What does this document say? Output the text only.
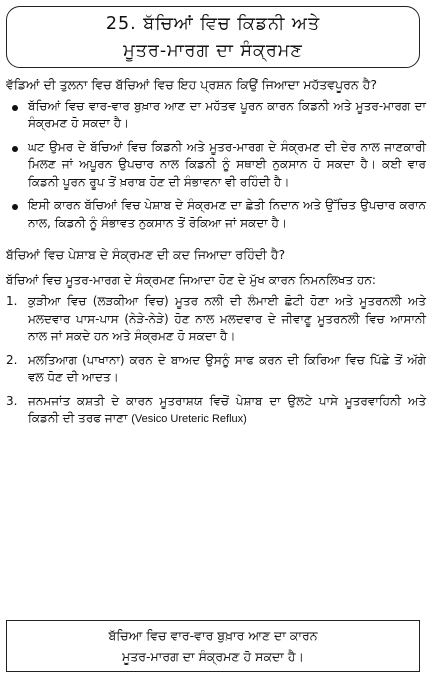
25. ਬੱਚਿਆਂ ਵਿਚ ਕਿਡਨੀ ਅਤੇ
ਮੂਤਰ-ਮਾਰਗ ਦਾ ਸੰਕ੍ਰਮਣ

ਵੱਡਿਆਂ ਦੀ ਤੁਲਨਾ ਵਿਚ ਬੱਚਿਆਂ ਵਿਚ ਇਹ ਪ੍ਰਸ਼ਨ ਕਿਉਂ ਜਿਆਦਾ ਮਹੱਤਵਪੂਰਨ ਹੈ?

ਬੱਚਿਆਂ ਵਿਚ ਵਾਰ-ਵਾਰ ਬੁਖ਼ਾਰ ਆਣ ਦਾ ਮਹੱਤਵ ਪੂਰਨ ਕਾਰਨ ਕਿਡਨੀ ਅਤੇ ਮੂਤਰ-ਮਾਰਗ ਦਾ ਸੰਕ੍ਰਮਣ ਹੋ ਸਕਦਾ ਹੈ।
ਘਟ ਉਮਰ ਦੇ ਬੱਚਿਆਂ ਵਿਚ ਕਿਡਨੀ ਅਤੇ ਮੂਤਰ-ਮਾਰਗ ਦੇ ਸੰਕ੍ਰਮਣ ਦੀ ਦੇਰ ਨਾਲ ਜਾਣਕਾਰੀ ਮਿਲਣ ਜਾਂ ਅਪੂਰਨ ਉਪਚਾਰ ਨਾਲ ਕਿਡਨੀ ਨੂੰ ਸਥਾਈ ਨੁਕਸਾਨ ਹੋ ਸਕਦਾ ਹੈ। ਕਈ ਵਾਰ ਕਿਡਨੀ ਪੂਰਨ ਰੂਪ ਤੋਂ ਖ਼ਰਾਬ ਹੋਣ ਦੀ ਸੰਭਾਵਨਾ ਵੀ ਰਹਿੰਦੀ ਹੈ।
ਇਸੀ ਕਾਰਨ ਬੱਚਿਆਂ ਵਿਚ ਪੇਸ਼ਾਬ ਦੇ ਸੰਕ੍ਰਮਣ ਦਾ ਛੇਤੀ ਨਿਦਾਨ ਅਤੇ ਉੱਚਿਤ ਉਪਚਾਰ ਕਰਾਨ ਨਾਲ, ਕਿਡਨੀ ਨੂੰ ਸੰਭਾਵਤ ਨੁਕਸਾਨ ਤੋਂ ਰੋਕਿਆ ਜਾਂ ਸਕਦਾ ਹੈ।

ਬੱਚਿਆਂ ਵਿਚ ਪੇਸ਼ਾਬ ਦੇ ਸੰਕ੍ਰਮਣ ਦੀ ਕਦ ਜਿਆਦਾ ਰਹਿੰਦੀ ਹੈ?

ਬੱਚਿਆਂ ਵਿਚ ਮੂਤਰ-ਮਾਰਗ ਦੇ ਸੰਕ੍ਰਮਣ ਜਿਆਦਾ ਹੋਣ ਦੇ ਮੁੱਖ ਕਾਰਨ ਨਿਮਨਲਿਖਤ ਹਨ:

1. ਕੁੜੀਆ ਵਿਚ (ਲੜਕੀਆ ਵਿਚ) ਮੂਤਰ ਨਲੀ ਦੀ ਲੰਮਾਈ ਛੋਟੀ ਹੋਣਾ ਅਤੇ ਮੂਤਰਨਲੀ ਅਤੇ ਮਲਦਵਾਰ ਪਾਸ-ਪਾਸ (ਨੇੜੇ-ਨੇੜੇ) ਹੋਣ ਨਾਲ ਮਲਦਵਾਰ ਦੇ ਜੀਵਾਣੂ ਮੂਤਰਨਲੀ ਵਿਚ ਆਸਾਨੀ ਨਾਲ ਜਾਂ ਸਕਦੇ ਹਨ ਅਤੇ ਸੰਕ੍ਰਮਣ ਹੋ ਸਕਦਾ ਹੈ।
2. ਮਲਤਿਆਗ (ਪਾਖਾਨਾ) ਕਰਨ ਦੇ ਬਾਅਦ ਉਸਨੂੰ ਸਾਫ ਕਰਨ ਦੀ ਕਿਰਿਆ ਵਿਚ ਪਿੱਛੇ ਤੋਂ ਅੱਗੇ ਵਲ ਧੋਣ ਦੀ ਆਦਤ।
3. ਜਨਮਜਾਂਤ ਕਸ਼ਤੀ ਦੇ ਕਾਰਨ ਮੂਤਰਾਸ਼ਯ ਵਿਚੋਂ ਪੇਸ਼ਾਬ ਦਾ ਉਲਟੇ ਪਾਸੇ ਮੂਤਰਵਾਹਿਨੀ ਅਤੇ ਕਿਡਨੀ ਦੀ ਤਰਫ ਜਾਣਾ (Vesico Ureteric Reflux)
ਬੱਚਿਆ ਵਿਚ ਵਾਰ-ਵਾਰ ਬੁਖ਼ਾਰ ਆਣ ਦਾ ਕਾਰਨ
ਮੂਤਰ-ਮਾਰਗ ਦਾ ਸੰਕ੍ਰਮਣ ਹੋ ਸਕਦਾ ਹੈ।
